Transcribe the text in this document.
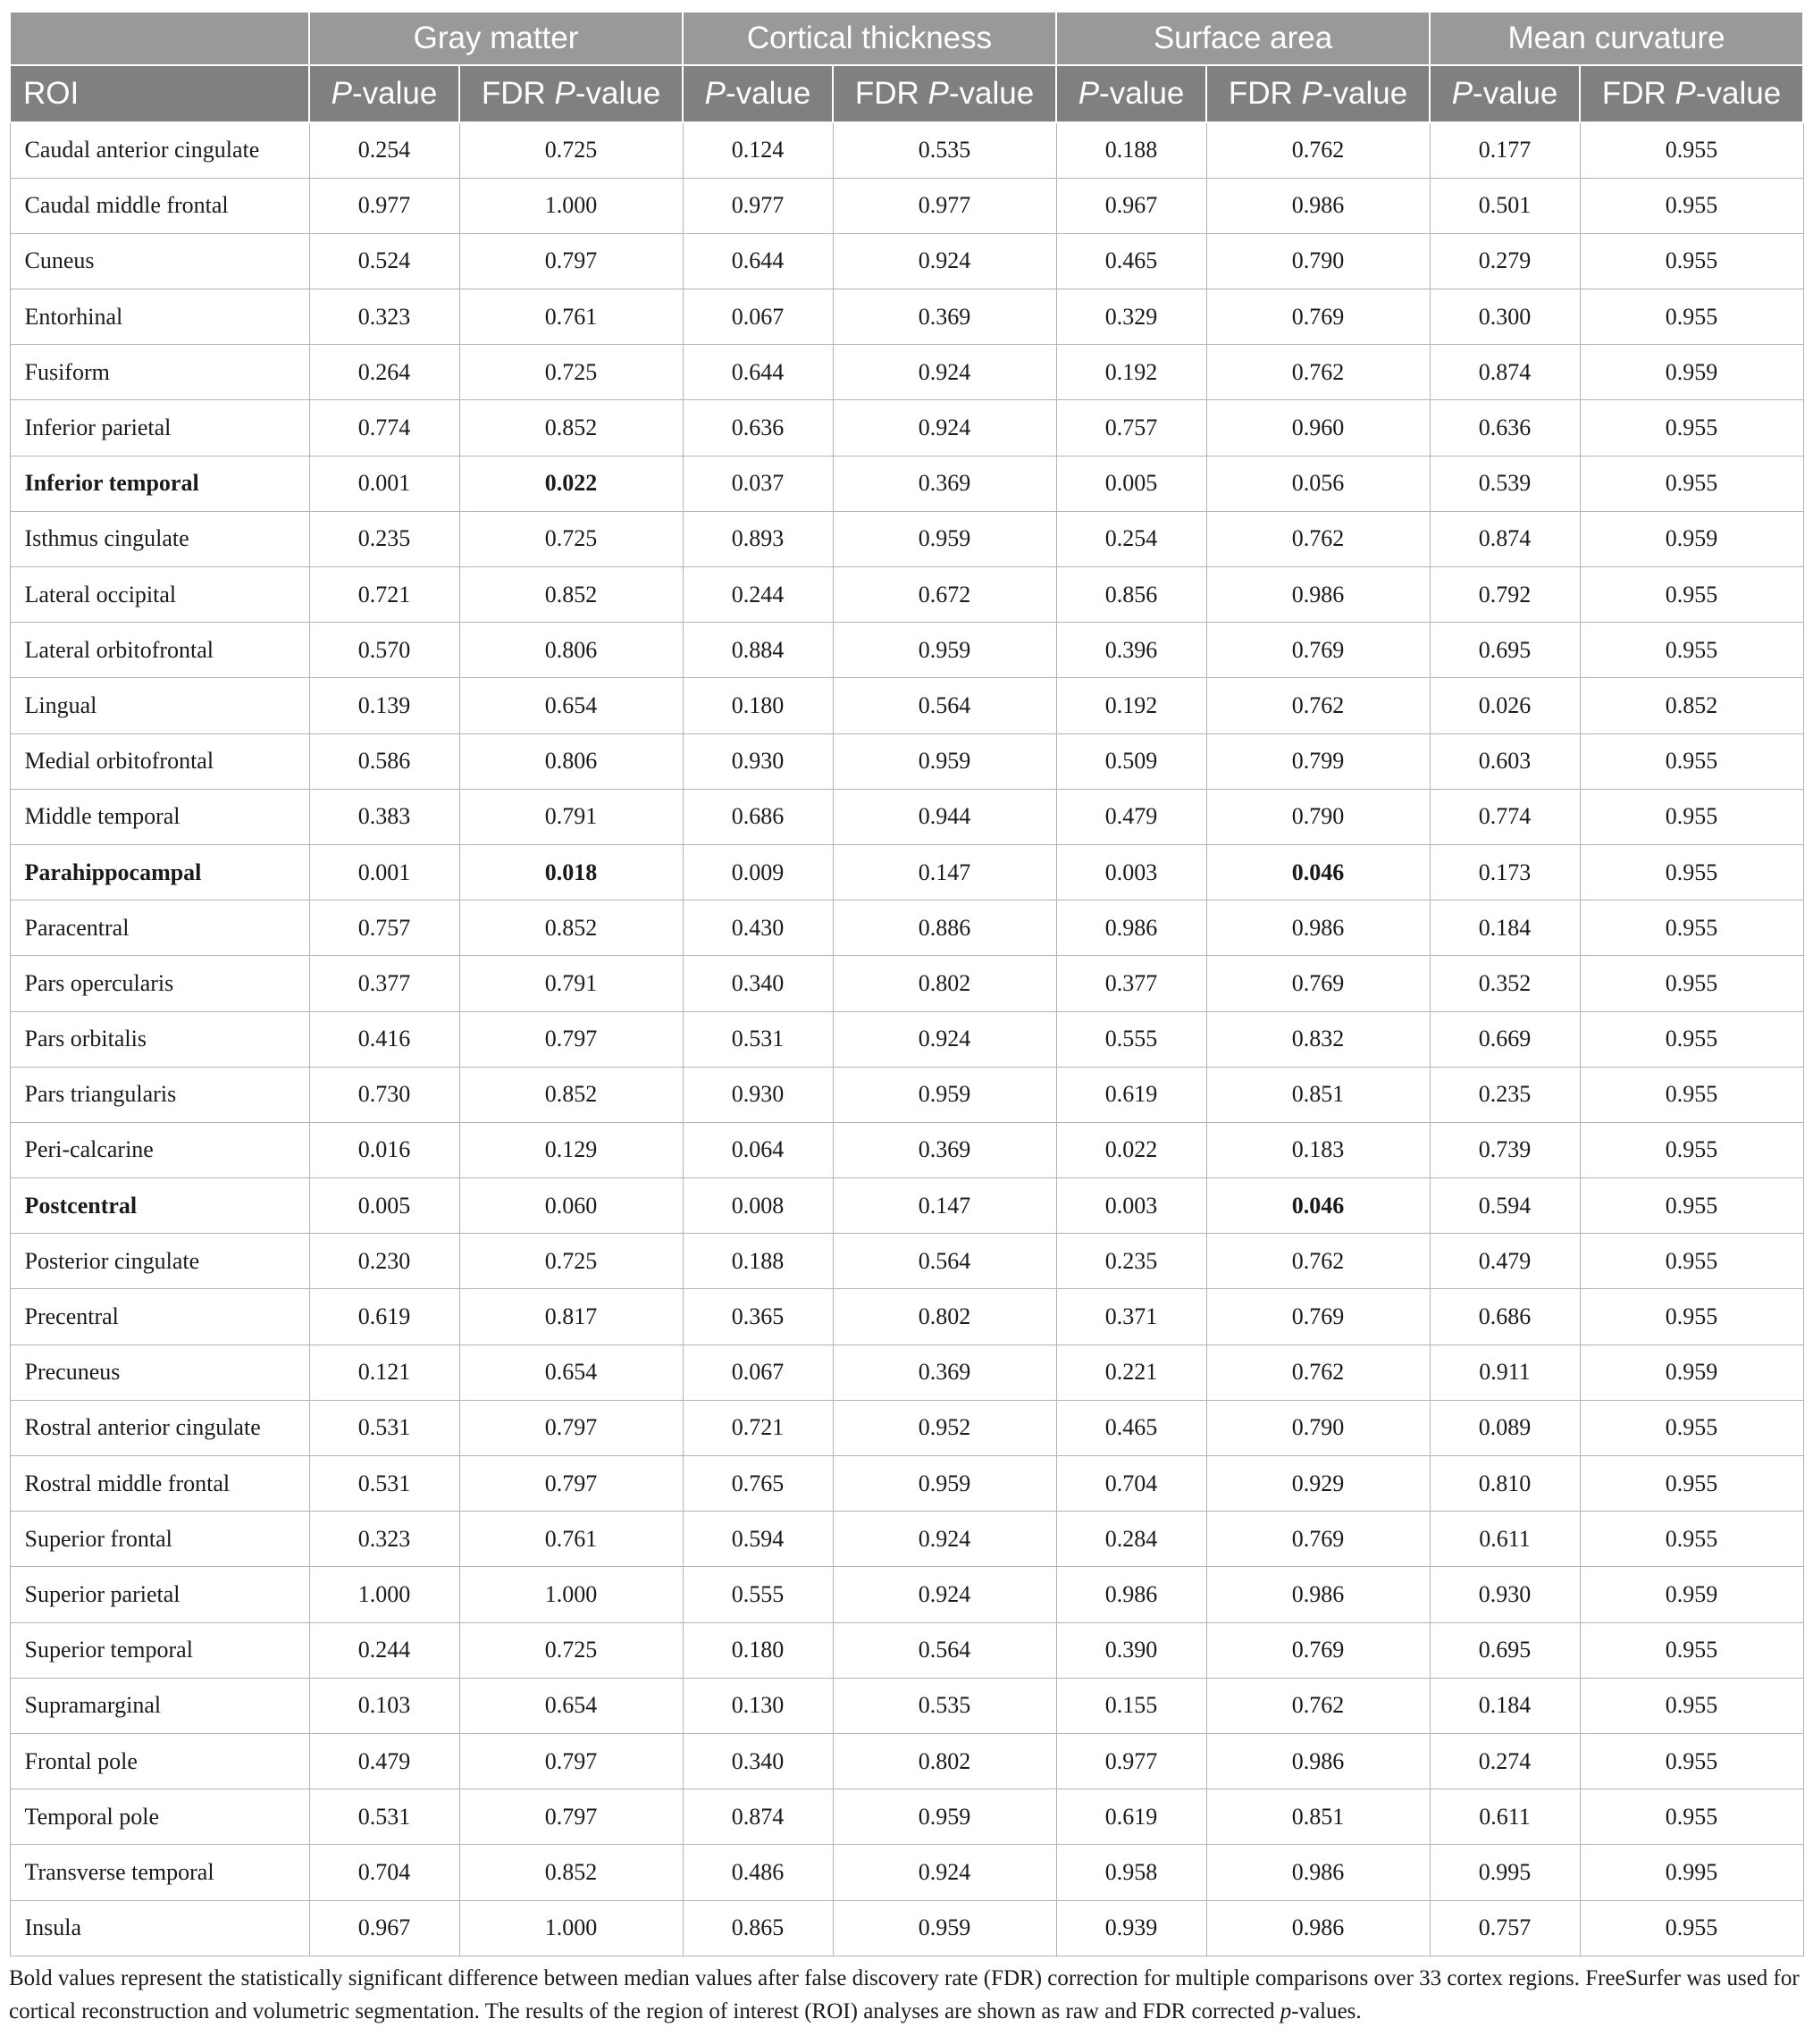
	Gray matter		Cortical thickness		Surface area		Mean curvature	
ROI	P-value	FDR P-value	P-value	FDR P-value	P-value	FDR P-value	P-value	FDR P-value
Caudal anterior cingulate	0.254	0.725	0.124	0.535	0.188	0.762	0.177	0.955
Caudal middle frontal	0.977	1.000	0.977	0.977	0.967	0.986	0.501	0.955
Cuneus	0.524	0.797	0.644	0.924	0.465	0.790	0.279	0.955
Entorhinal	0.323	0.761	0.067	0.369	0.329	0.769	0.300	0.955
Fusiform	0.264	0.725	0.644	0.924	0.192	0.762	0.874	0.959
Inferior parietal	0.774	0.852	0.636	0.924	0.757	0.960	0.636	0.955
Inferior temporal	0.001	0.022	0.037	0.369	0.005	0.056	0.539	0.955
Isthmus cingulate	0.235	0.725	0.893	0.959	0.254	0.762	0.874	0.959
Lateral occipital	0.721	0.852	0.244	0.672	0.856	0.986	0.792	0.955
Lateral orbitofrontal	0.570	0.806	0.884	0.959	0.396	0.769	0.695	0.955
Lingual	0.139	0.654	0.180	0.564	0.192	0.762	0.026	0.852
Medial orbitofrontal	0.586	0.806	0.930	0.959	0.509	0.799	0.603	0.955
Middle temporal	0.383	0.791	0.686	0.944	0.479	0.790	0.774	0.955
Parahippocampal	0.001	0.018	0.009	0.147	0.003	0.046	0.173	0.955
Paracentral	0.757	0.852	0.430	0.886	0.986	0.986	0.184	0.955
Pars opercularis	0.377	0.791	0.340	0.802	0.377	0.769	0.352	0.955
Pars orbitalis	0.416	0.797	0.531	0.924	0.555	0.832	0.669	0.955
Pars triangularis	0.730	0.852	0.930	0.959	0.619	0.851	0.235	0.955
Peri-calcarine	0.016	0.129	0.064	0.369	0.022	0.183	0.739	0.955
Postcentral	0.005	0.060	0.008	0.147	0.003	0.046	0.594	0.955
Posterior cingulate	0.230	0.725	0.188	0.564	0.235	0.762	0.479	0.955
Precentral	0.619	0.817	0.365	0.802	0.371	0.769	0.686	0.955
Precuneus	0.121	0.654	0.067	0.369	0.221	0.762	0.911	0.959
Rostral anterior cingulate	0.531	0.797	0.721	0.952	0.465	0.790	0.089	0.955
Rostral middle frontal	0.531	0.797	0.765	0.959	0.704	0.929	0.810	0.955
Superior frontal	0.323	0.761	0.594	0.924	0.284	0.769	0.611	0.955
Superior parietal	1.000	1.000	0.555	0.924	0.986	0.986	0.930	0.959
Superior temporal	0.244	0.725	0.180	0.564	0.390	0.769	0.695	0.955
Supramarginal	0.103	0.654	0.130	0.535	0.155	0.762	0.184	0.955
Frontal pole	0.479	0.797	0.340	0.802	0.977	0.986	0.274	0.955
Temporal pole	0.531	0.797	0.874	0.959	0.619	0.851	0.611	0.955
Transverse temporal	0.704	0.852	0.486	0.924	0.958	0.986	0.995	0.995
Insula	0.967	1.000	0.865	0.959	0.939	0.986	0.757	0.955
Bold values represent the statistically significant difference between median values after false discovery rate (FDR) correction for multiple comparisons over 33 cortex regions. FreeSurfer was used for cortical reconstruction and volumetric segmentation. The results of the region of interest (ROI) analyses are shown as raw and FDR corrected p-values.
